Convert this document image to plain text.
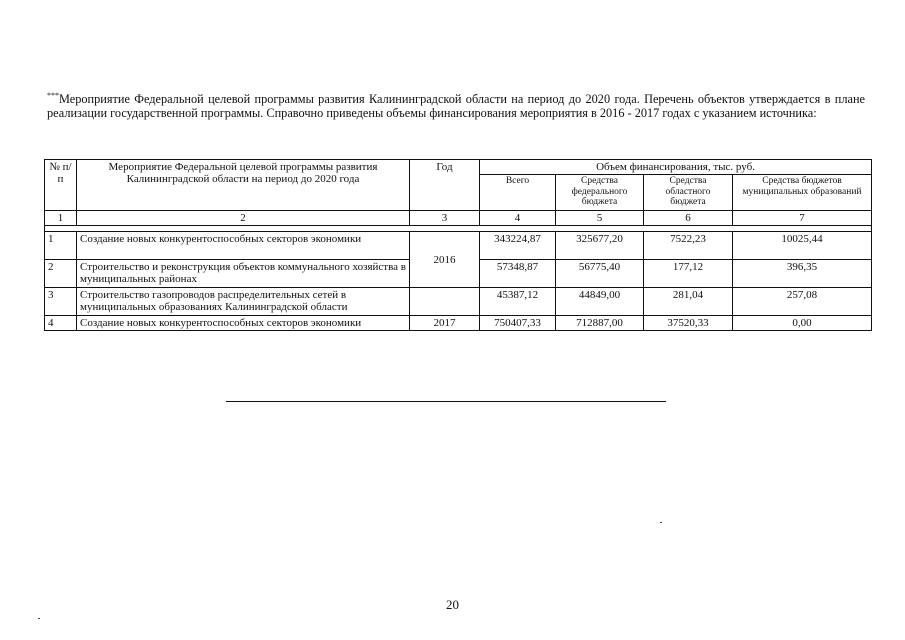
***Мероприятие Федеральной целевой программы развития Калининградской области на период до 2020 года. Перечень объектов утверждается в плане реализации государственной программы. Справочно приведены объемы финансирования мероприятия в 2016 - 2017 годах с указанием источника:
№ п/п	Мероприятие Федеральной целевой программы развития Калининградской области на период до 2020 года	Год	Объем финансирования, тыс. руб.			
			Всего	Средства федерального бюджета	Средства областного бюджета	Средства бюджетов муниципальных образований
1	2	3	4	5	6	7

1	Создание новых конкурентоспособных секторов экономики	2016	343224,87	325677,20	7522,23	10025,44
2	Строительство и реконструкция объектов коммунального хозяйства в муниципальных районах		57348,87	56775,40	177,12	396,35
3	Строительство газопроводов распределительных сетей в муниципальных образованиях Калининградской области		45387,12	44849,00	281,04	257,08
4	Создание новых конкурентоспособных секторов экономики	2017	750407,33	712887,00	37520,33	0,00
20
